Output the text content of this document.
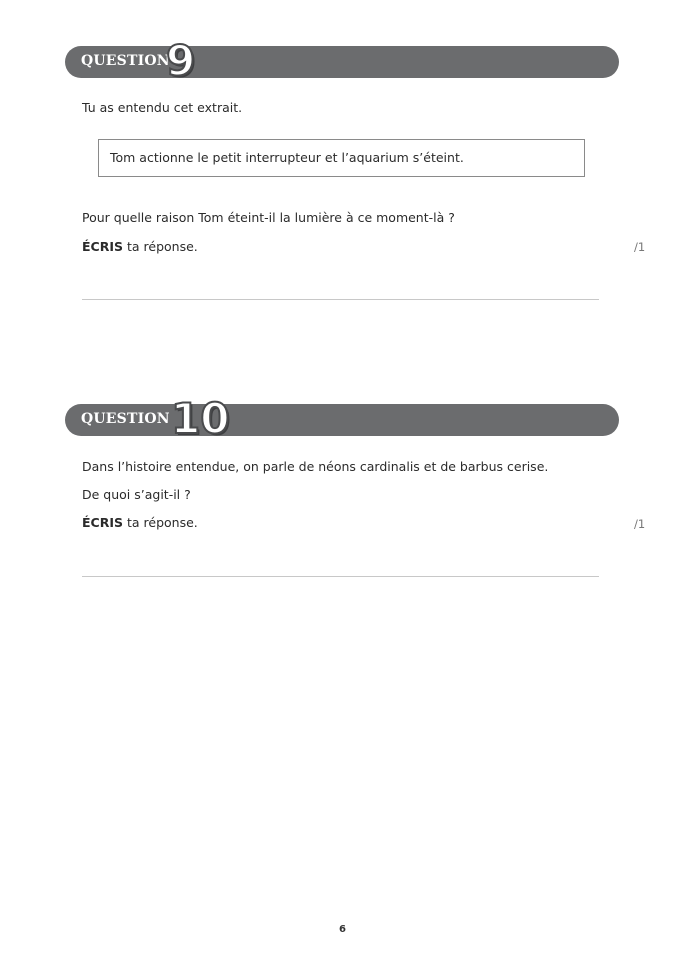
QUESTION
9
Tu as entendu cet extrait.
Tom actionne le petit interrupteur et l’aquarium s’éteint.
Pour quelle raison Tom éteint-il la lumière à ce moment-là ?
ÉCRIS ta réponse.	/1
QUESTION 10
Dans l’histoire entendue, on parle de néons cardinalis et de barbus cerise.
De quoi s’agit-il ?
ÉCRIS ta réponse.	/1
6
